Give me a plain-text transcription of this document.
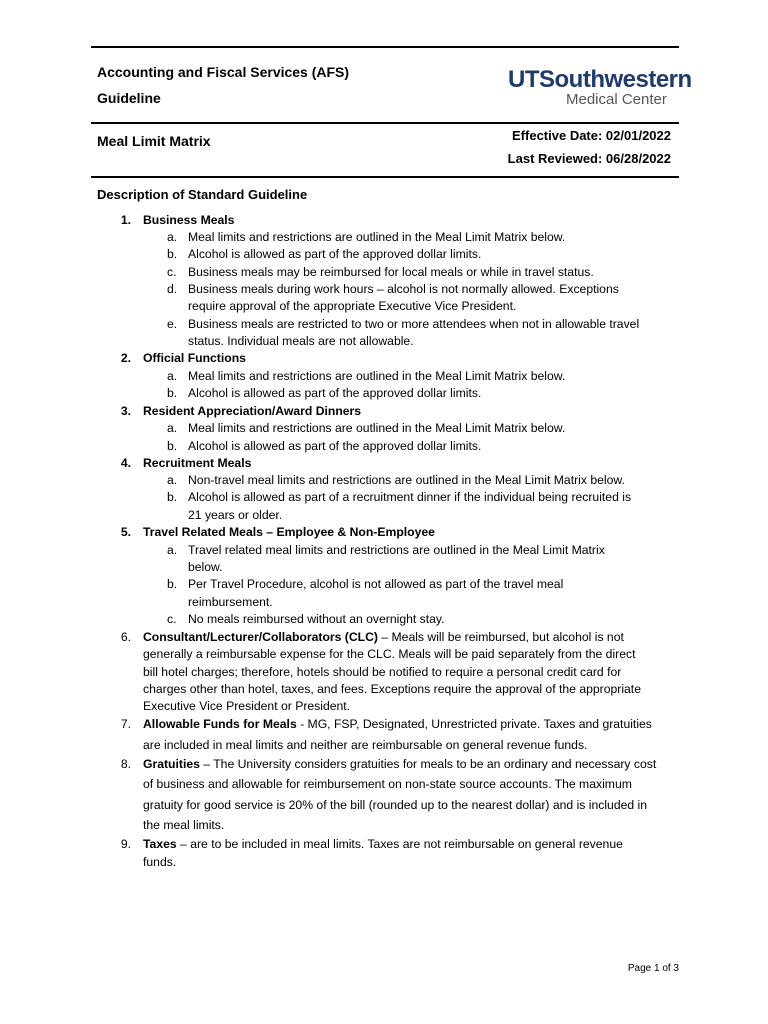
Accounting and Fiscal Services (AFS)
Guideline
UTSouthwestern
Medical Center
Meal Limit Matrix	Effective Date: 02/01/2022
Last Reviewed: 06/28/2022
Description of Standard Guideline
1. Business Meals
a. Meal limits and restrictions are outlined in the Meal Limit Matrix below.
b. Alcohol is allowed as part of the approved dollar limits.
c. Business meals may be reimbursed for local meals or while in travel status.
d. Business meals during work hours – alcohol is not normally allowed. Exceptions
require approval of the appropriate Executive Vice President.
e. Business meals are restricted to two or more attendees when not in allowable travel
status. Individual meals are not allowable.
2. Official Functions
a. Meal limits and restrictions are outlined in the Meal Limit Matrix below.
b. Alcohol is allowed as part of the approved dollar limits.
3. Resident Appreciation/Award Dinners
a. Meal limits and restrictions are outlined in the Meal Limit Matrix below.
b. Alcohol is allowed as part of the approved dollar limits.
4. Recruitment Meals
a. Non-travel meal limits and restrictions are outlined in the Meal Limit Matrix below.
b. Alcohol is allowed as part of a recruitment dinner if the individual being recruited is
21 years or older.
5. Travel Related Meals – Employee & Non-Employee
a. Travel related meal limits and restrictions are outlined in the Meal Limit Matrix
below.
b. Per Travel Procedure, alcohol is not allowed as part of the travel meal
reimbursement.
c. No meals reimbursed without an overnight stay.
6. Consultant/Lecturer/Collaborators (CLC) – Meals will be reimbursed, but alcohol is not
generally a reimbursable expense for the CLC. Meals will be paid separately from the direct
bill hotel charges; therefore, hotels should be notified to require a personal credit card for
charges other than hotel, taxes, and fees. Exceptions require the approval of the appropriate
Executive Vice President or President.
7. Allowable Funds for Meals - MG, FSP, Designated, Unrestricted private. Taxes and gratuities
are included in meal limits and neither are reimbursable on general revenue funds.
8. Gratuities – The University considers gratuities for meals to be an ordinary and necessary cost
of business and allowable for reimbursement on non-state source accounts. The maximum
gratuity for good service is 20% of the bill (rounded up to the nearest dollar) and is included in
the meal limits.
9. Taxes – are to be included in meal limits. Taxes are not reimbursable on general revenue
funds.
Page 1 of 3
